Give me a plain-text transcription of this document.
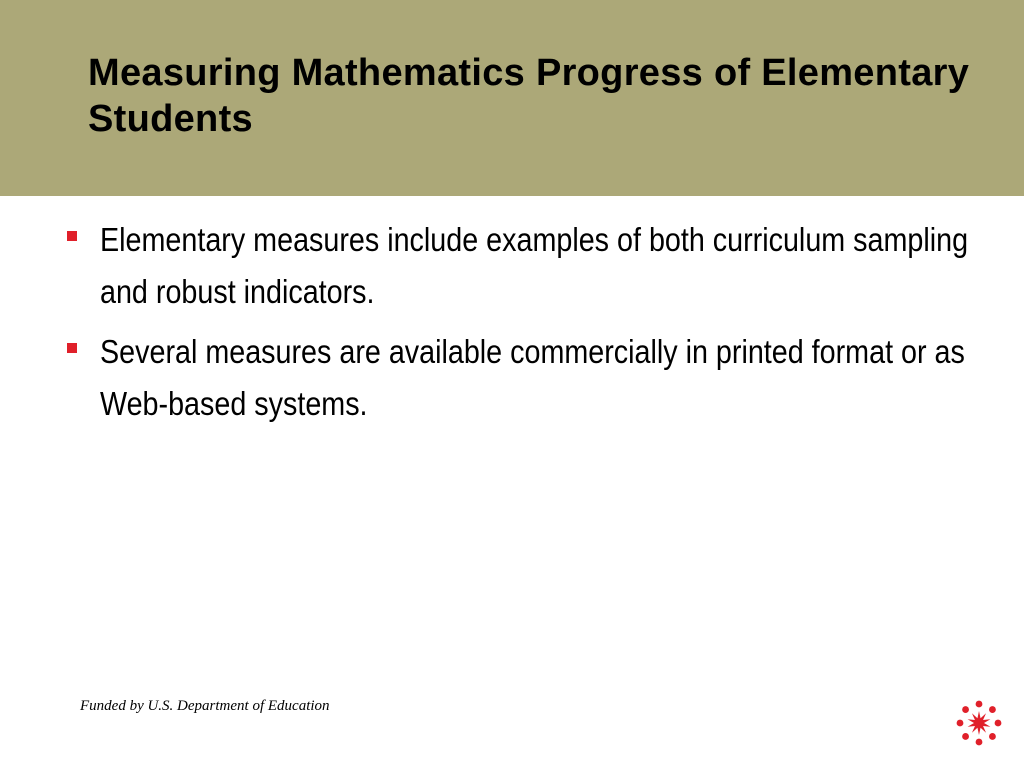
Measuring Mathematics Progress of Elementary Students
Elementary measures include examples of both curriculum sampling and robust indicators.
Several measures are available commercially in printed format or as Web-based systems.
Funded by U.S. Department of Education
